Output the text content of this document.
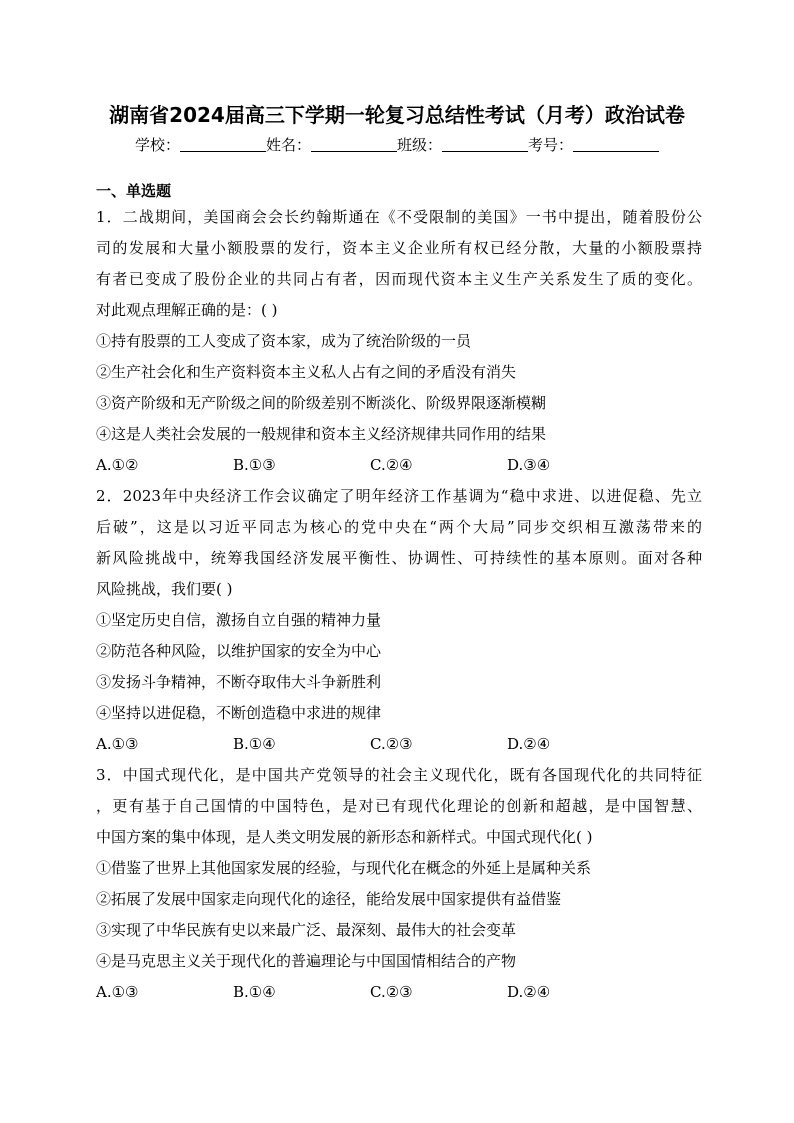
湖南省2024届高三下学期一轮复习总结性考试（月考）政治试卷
学校：	姓名：	班级：	考号：
一、单选题
1．二战期间，美国商会会长约翰斯通在《不受限制的美国》一书中提出，随着股份公
司的发展和大量小额股票的发行，资本主义企业所有权已经分散，大量的小额股票持
有者已变成了股份企业的共同占有者，因而现代资本主义生产关系发生了质的变化。
对此观点理解正确的是：( )
①持有股票的工人变成了资本家，成为了统治阶级的一员
②生产社会化和生产资料资本主义私人占有之间的矛盾没有消失
③资产阶级和无产阶级之间的阶级差别不断淡化、阶级界限逐渐模糊
④这是人类社会发展的一般规律和资本主义经济规律共同作用的结果
A.①②	B.①③	C.②④	D.③④
2．2023年中央经济工作会议确定了明年经济工作基调为“稳中求进、以进促稳、先立
后破”，这是以习近平同志为核心的党中央在“两个大局”同步交织相互激荡带来的
新风险挑战中，统筹我国经济发展平衡性、协调性、可持续性的基本原则。面对各种
风险挑战，我们要( )
①坚定历史自信，激扬自立自强的精神力量
②防范各种风险，以维护国家的安全为中心
③发扬斗争精神，不断夺取伟大斗争新胜利
④坚持以进促稳，不断创造稳中求进的规律
A.①③	B.①④	C.②③	D.②④
3．中国式现代化，是中国共产党领导的社会主义现代化，既有各国现代化的共同特征
，更有基于自己国情的中国特色，是对已有现代化理论的创新和超越，是中国智慧、
中国方案的集中体现，是人类文明发展的新形态和新样式。中国式现代化( )
①借鉴了世界上其他国家发展的经验，与现代化在概念的外延上是属种关系
②拓展了发展中国家走向现代化的途径，能给发展中国家提供有益借鉴
③实现了中华民族有史以来最广泛、最深刻、最伟大的社会变革
④是马克思主义关于现代化的普遍理论与中国国情相结合的产物
A.①③	B.①④	C.②③	D.②④
